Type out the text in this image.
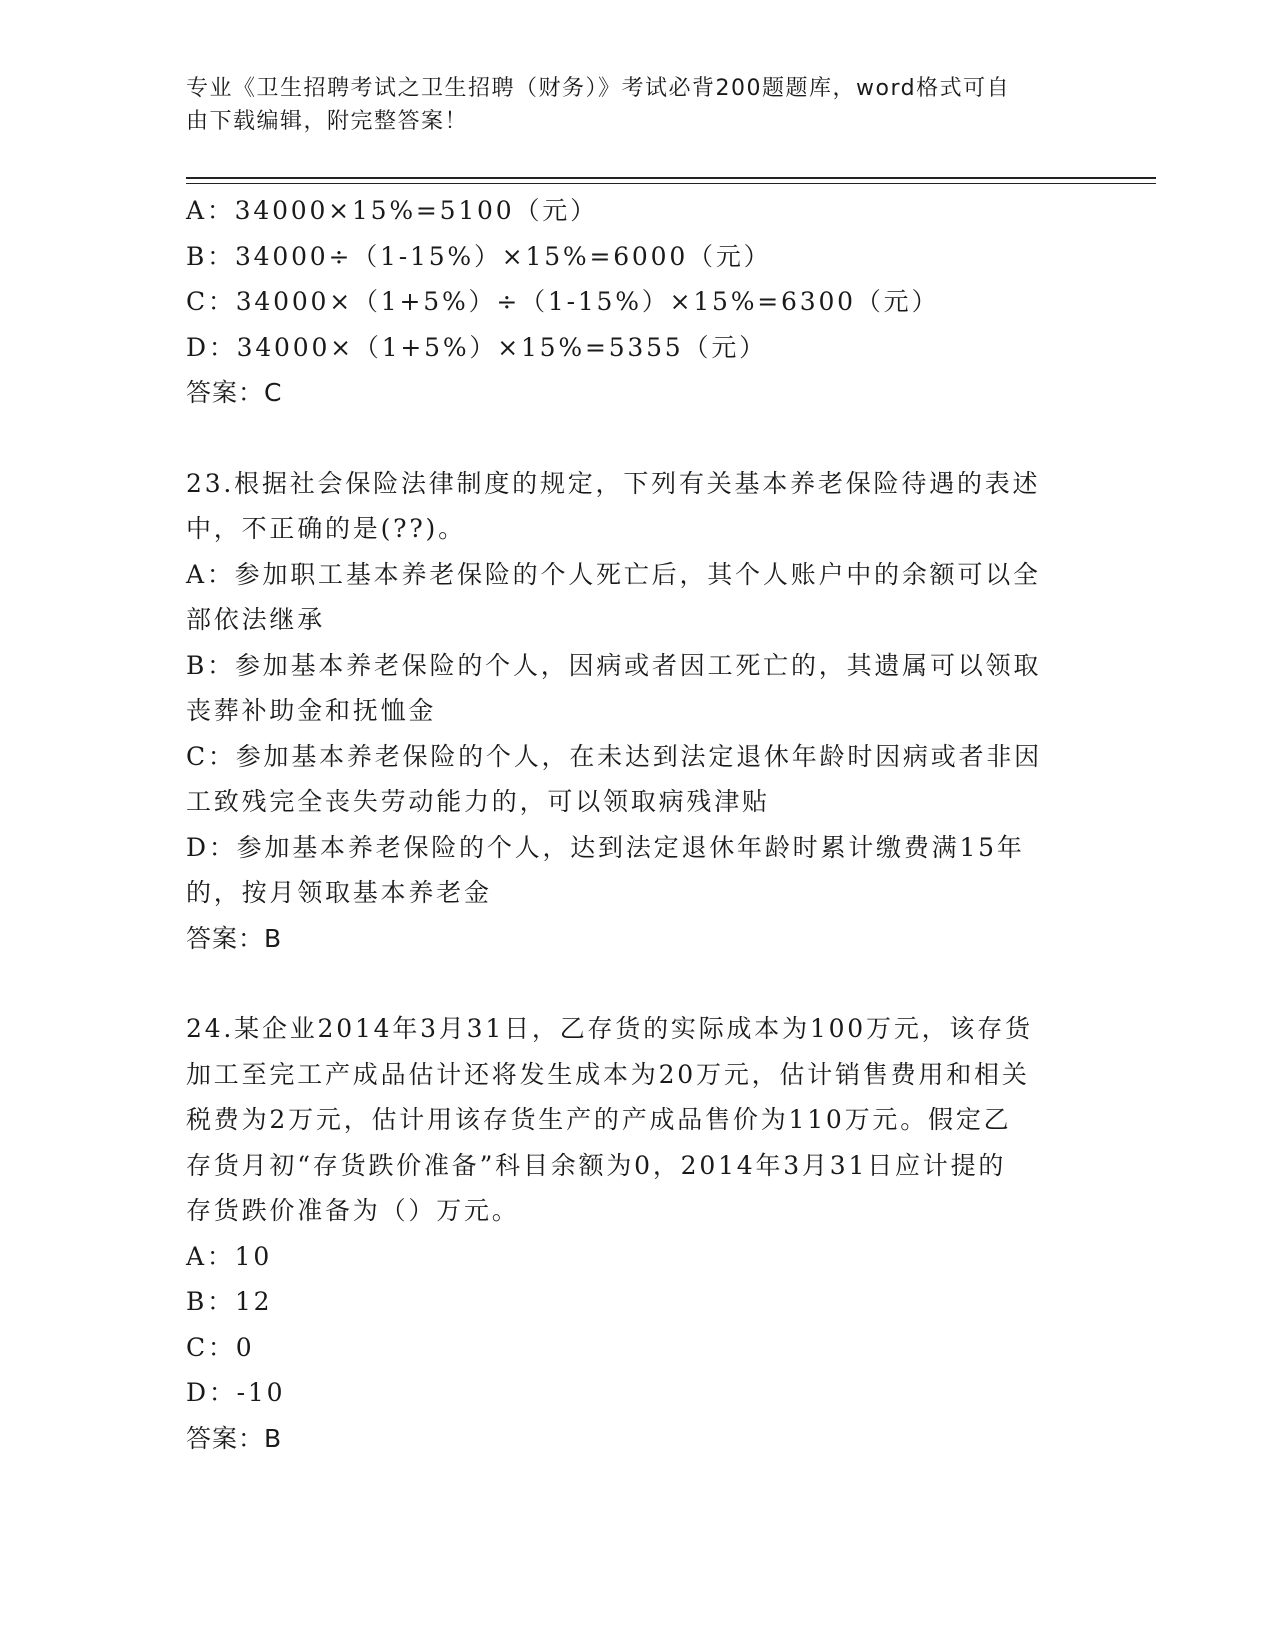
专业《卫生招聘考试之卫生招聘（财务）》考试必背200题题库，word格式可自
由下载编辑，附完整答案！
A：34000×15%=5100（元）
B：34000÷（1-15%）×15%=6000（元）
C：34000×（1+5%）÷（1-15%）×15%=6300（元）
D：34000×（1+5%）×15%=5355（元）
答案：C
23.根据社会保险法律制度的规定，下列有关基本养老保险待遇的表述
中，不正确的是(??)。
A：参加职工基本养老保险的个人死亡后，其个人账户中的余额可以全
部依法继承
B：参加基本养老保险的个人，因病或者因工死亡的，其遗属可以领取
丧葬补助金和抚恤金
C：参加基本养老保险的个人，在未达到法定退休年龄时因病或者非因
工致残完全丧失劳动能力的，可以领取病残津贴
D：参加基本养老保险的个人，达到法定退休年龄时累计缴费满15年
的，按月领取基本养老金
答案：B
24.某企业2014年3月31日，乙存货的实际成本为100万元，该存货
加工至完工产成品估计还将发生成本为20万元，估计销售费用和相关
税费为2万元，估计用该存货生产的产成品售价为110万元。假定乙
存货月初“存货跌价准备”科目余额为0，2014年3月31日应计提的
存货跌价准备为（）万元。
A：10
B：12
C：0
D：-10
答案：B
